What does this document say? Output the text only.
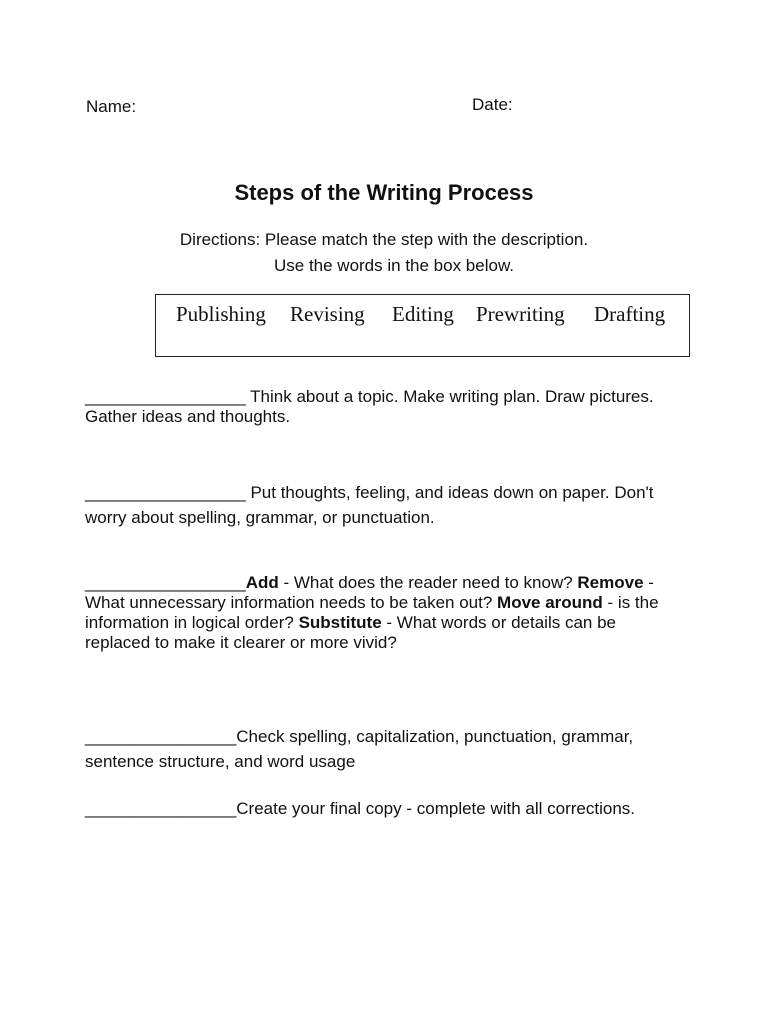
Name:	Date:
Steps of the Writing Process
Directions: Please match the step with the description.
Use the words in the box below.
Publishing Revising Editing Prewriting Drafting
_________________ Think about a topic. Make writing plan. Draw pictures.
Gather ideas and thoughts.
_________________ Put thoughts, feeling, and ideas down on paper. Don't
worry about spelling, grammar, or punctuation.
_________________Add - What does the reader need to know? Remove - What unnecessary information needs to be taken out? Move around - is the information in logical order? Substitute - What words or details can be replaced to make it clearer or more vivid?
________________Check spelling, capitalization, punctuation, grammar,
sentence structure, and word usage
________________Create your final copy - complete with all corrections.
